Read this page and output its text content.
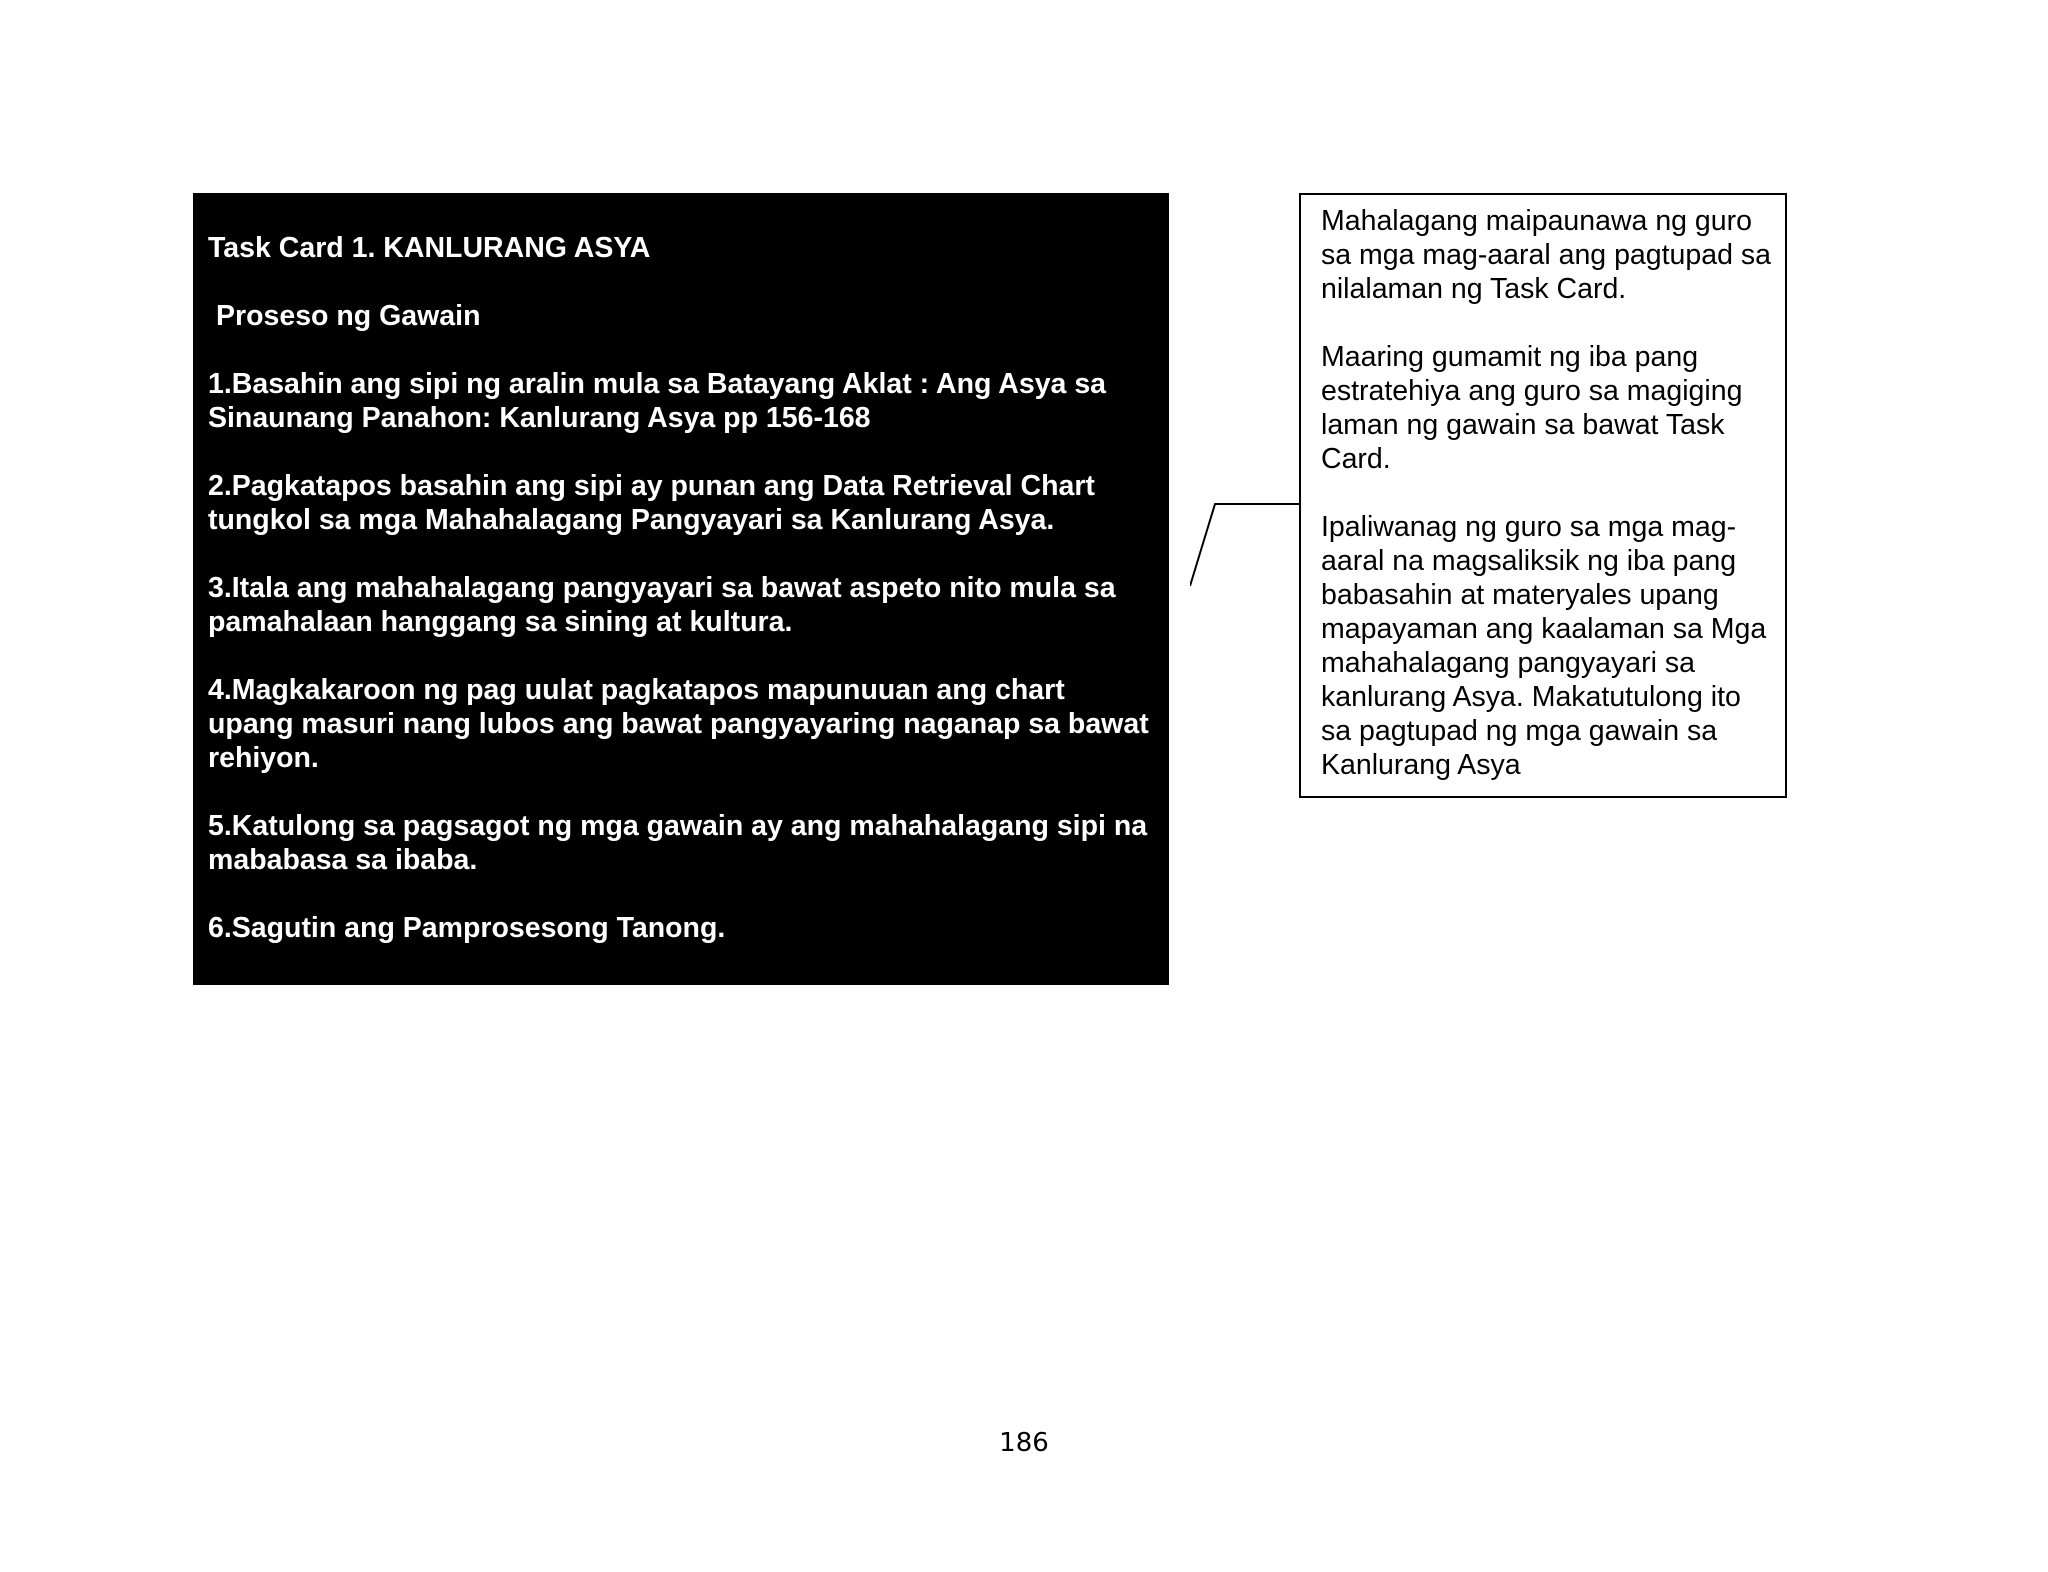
Task Card 1. KANLURANG ASYA

Proseso ng Gawain

1.Basahin ang sipi ng aralin mula sa Batayang Aklat : Ang Asya sa Sinaunang Panahon: Kanlurang Asya pp 156-168

2.Pagkatapos basahin ang sipi ay punan ang Data Retrieval Chart tungkol sa mga Mahahalagang Pangyayari sa Kanlurang Asya.

3.Itala ang mahahalagang pangyayari sa bawat aspeto nito mula sa pamahalaan hanggang sa sining at kultura.

4.Magkakaroon ng pag uulat pagkatapos mapunuuan ang chart upang masuri nang lubos ang bawat pangyayaring naganap sa bawat rehiyon.

5.Katulong sa pagsagot ng mga gawain ay ang mahahalagang sipi na mababasa sa ibaba.

6.Sagutin ang Pamprosesong Tanong.

Mahalagang maipaunawa ng guro sa mga mag-aaral ang pagtupad sa nilalaman ng Task Card.

Maaring gumamit ng iba pang estratehiya ang guro sa magiging laman ng gawain sa bawat Task Card.

Ipaliwanag ng guro sa mga mag-aaral na magsaliksik ng iba pang babasahin at materyales upang mapayaman ang kaalaman sa Mga mahahalagang pangyayari sa kanlurang Asya. Makatutulong ito sa pagtupad ng mga gawain sa Kanlurang Asya

186
